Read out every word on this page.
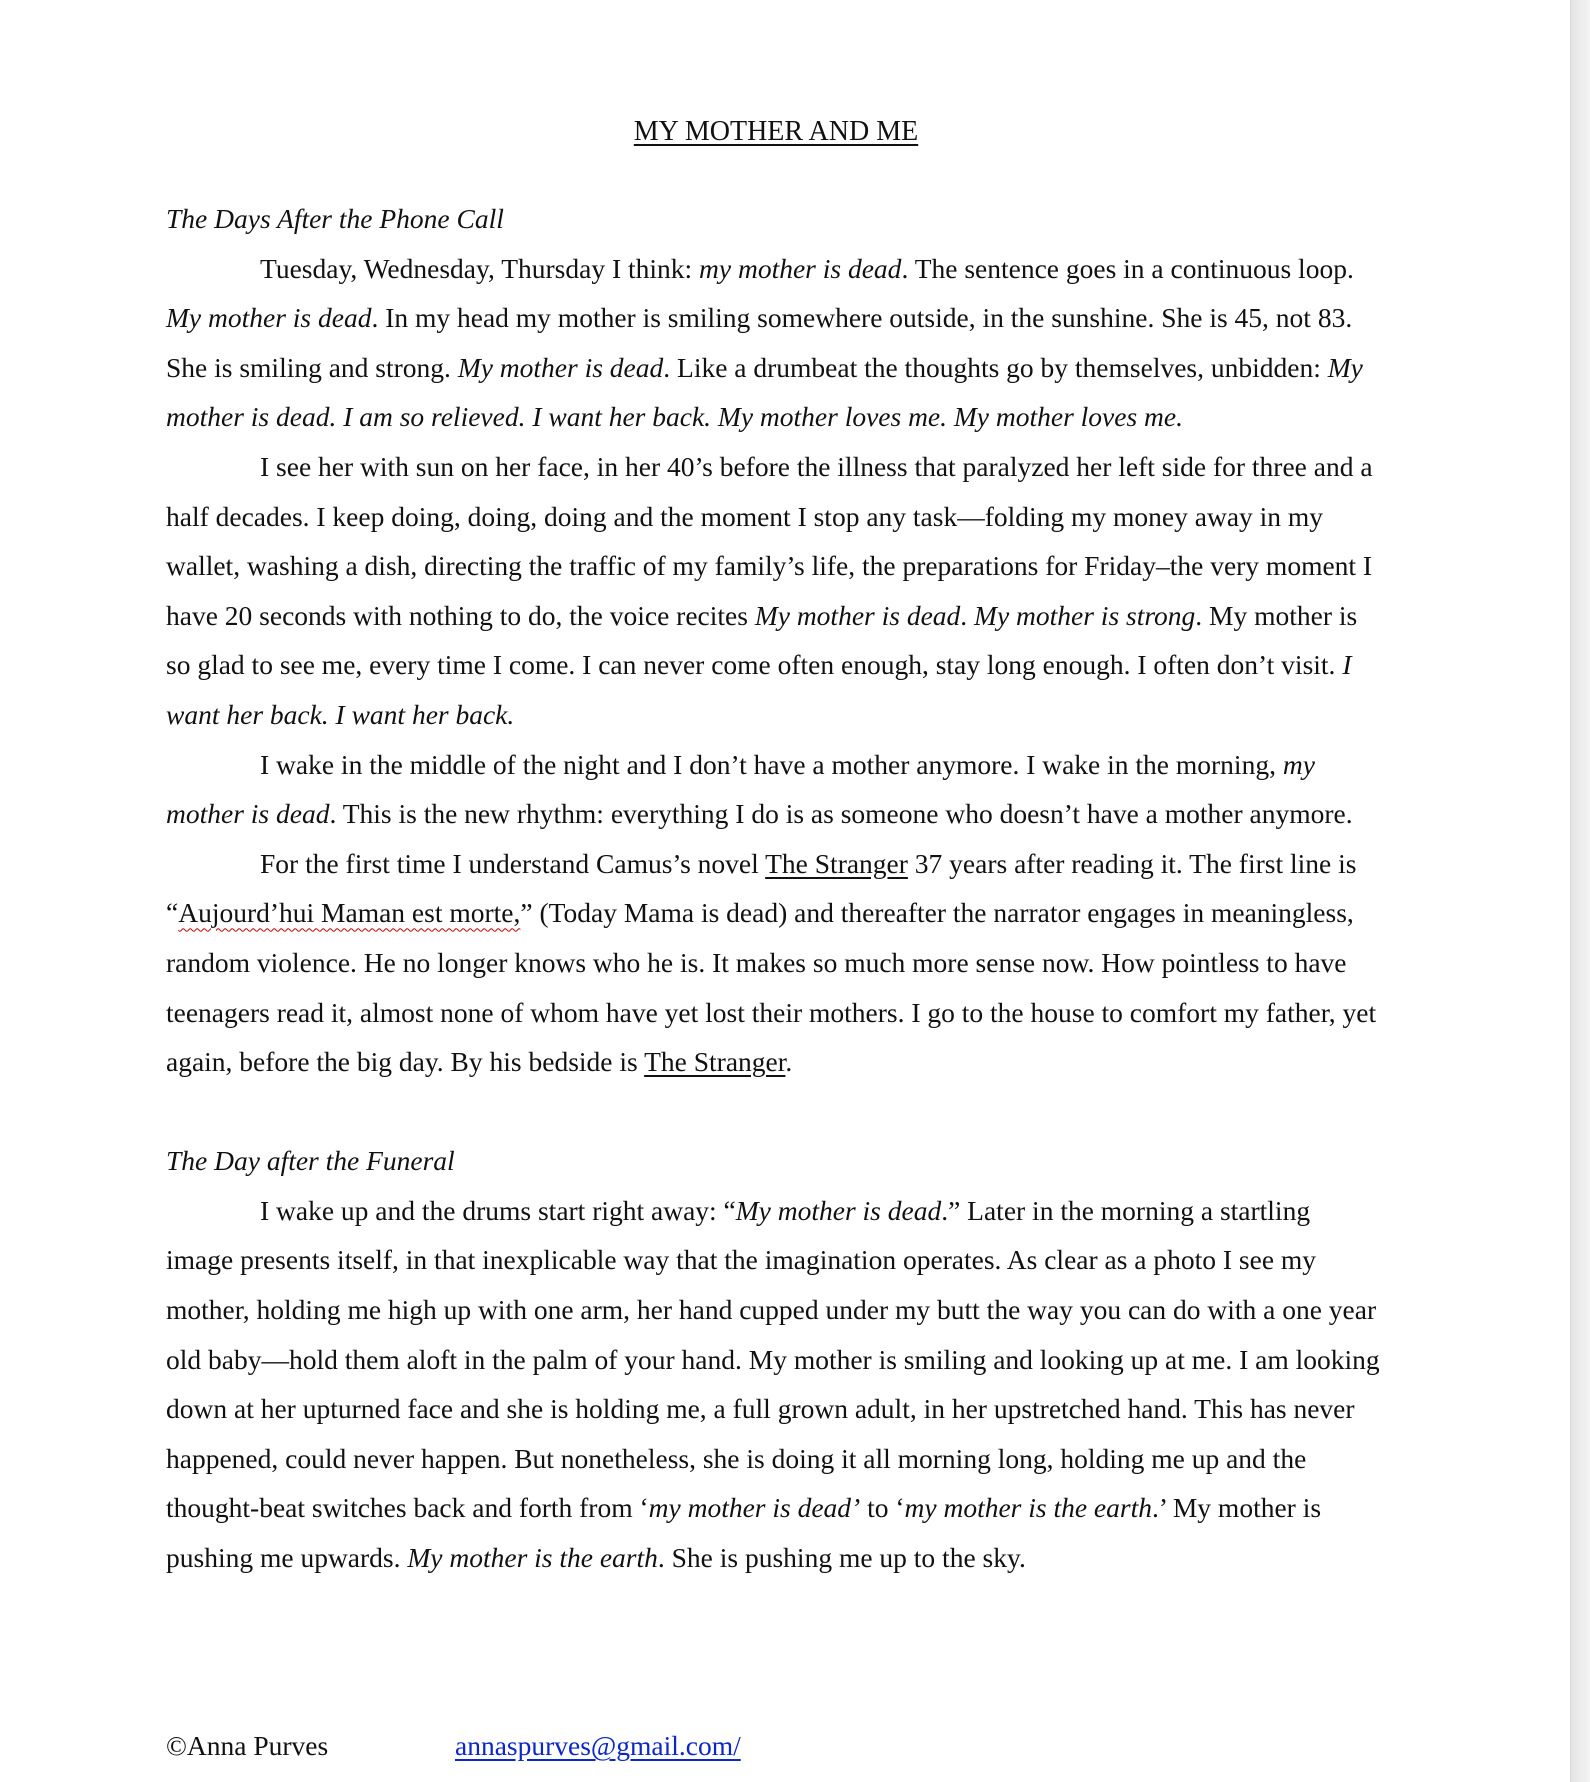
MY MOTHER AND ME

The Days After the Phone Call

Tuesday, Wednesday, Thursday I think: my mother is dead. The sentence goes in a continuous loop. My mother is dead. In my head my mother is smiling somewhere outside, in the sunshine. She is 45, not 83. She is smiling and strong. My mother is dead. Like a drumbeat the thoughts go by themselves, unbidden: My mother is dead. I am so relieved. I want her back. My mother loves me. My mother loves me.

I see her with sun on her face, in her 40’s before the illness that paralyzed her left side for three and a half decades. I keep doing, doing, doing and the moment I stop any task—folding my money away in my wallet, washing a dish, directing the traffic of my family’s life, the preparations for Friday–the very moment I have 20 seconds with nothing to do, the voice recites My mother is dead. My mother is strong. My mother is so glad to see me, every time I come. I can never come often enough, stay long enough. I often don’t visit. I want her back. I want her back.

I wake in the middle of the night and I don’t have a mother anymore. I wake in the morning, my mother is dead. This is the new rhythm: everything I do is as someone who doesn’t have a mother anymore.

For the first time I understand Camus’s novel The Stranger 37 years after reading it. The first line is “Aujourd’hui Maman est morte,” (Today Mama is dead) and thereafter the narrator engages in meaningless, random violence. He no longer knows who he is. It makes so much more sense now. How pointless to have teenagers read it, almost none of whom have yet lost their mothers. I go to the house to comfort my father, yet again, before the big day. By his bedside is The Stranger.

The Day after the Funeral

I wake up and the drums start right away: “My mother is dead.” Later in the morning a startling image presents itself, in that inexplicable way that the imagination operates. As clear as a photo I see my mother, holding me high up with one arm, her hand cupped under my butt the way you can do with a one year old baby—hold them aloft in the palm of your hand. My mother is smiling and looking up at me. I am looking down at her upturned face and she is holding me, a full grown adult, in her upstretched hand. This has never happened, could never happen. But nonetheless, she is doing it all morning long, holding me up and the thought-beat switches back and forth from ‘my mother is dead’ to ‘my mother is the earth.’ My mother is pushing me upwards. My mother is the earth. She is pushing me up to the sky.

©Anna Purves	annaspurves@gmail.com/
